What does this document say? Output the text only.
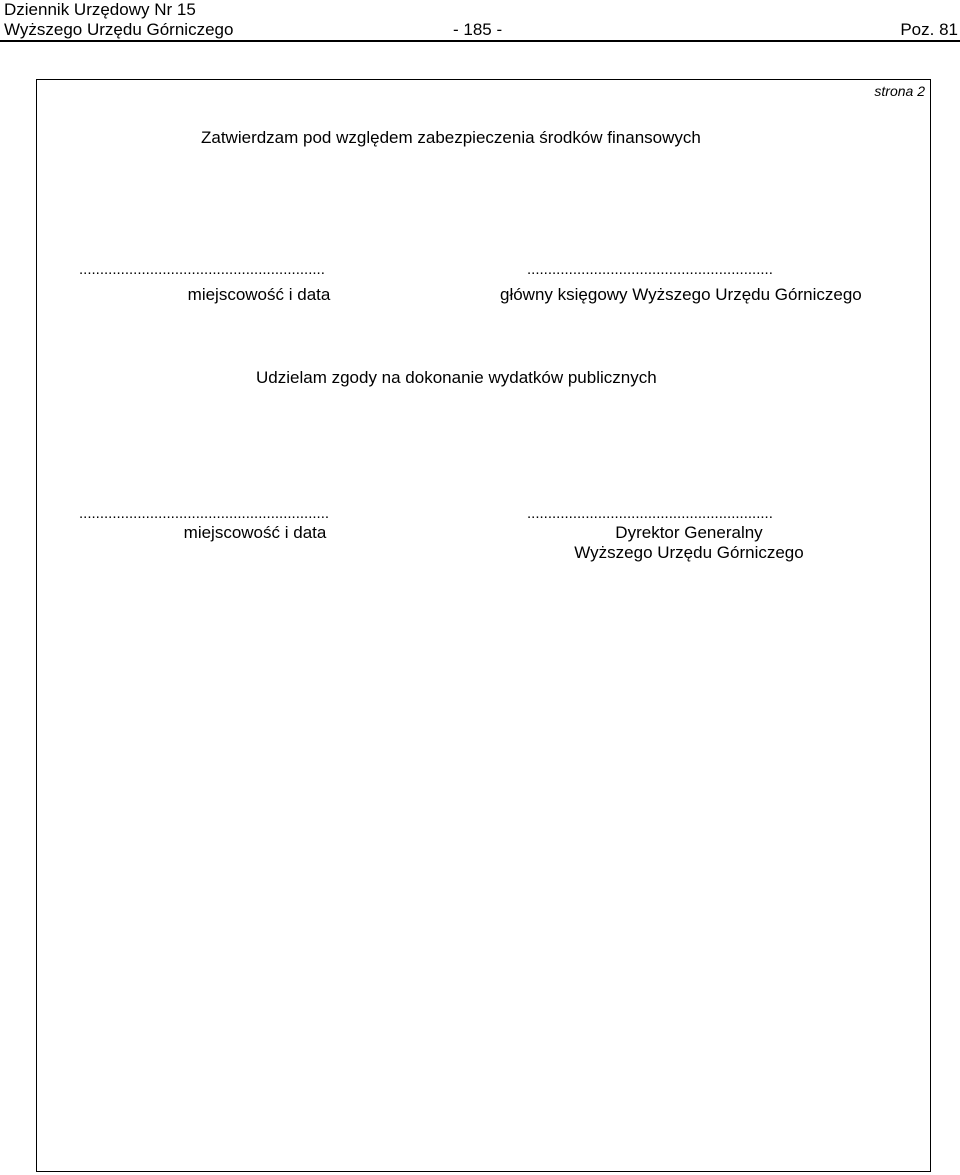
Dziennik Urzędowy Nr 15
Wyższego Urzędu Górniczego	- 185 -	Poz. 81
strona 2
Zatwierdzam pod względem zabezpieczenia środków finansowych
...........................................................
miejscowość i data
...........................................................
główny księgowy Wyższego Urzędu Górniczego
Udzielam zgody na dokonanie wydatków publicznych
............................................................
miejscowość i data
...........................................................
Dyrektor Generalny
Wyższego Urzędu Górniczego
